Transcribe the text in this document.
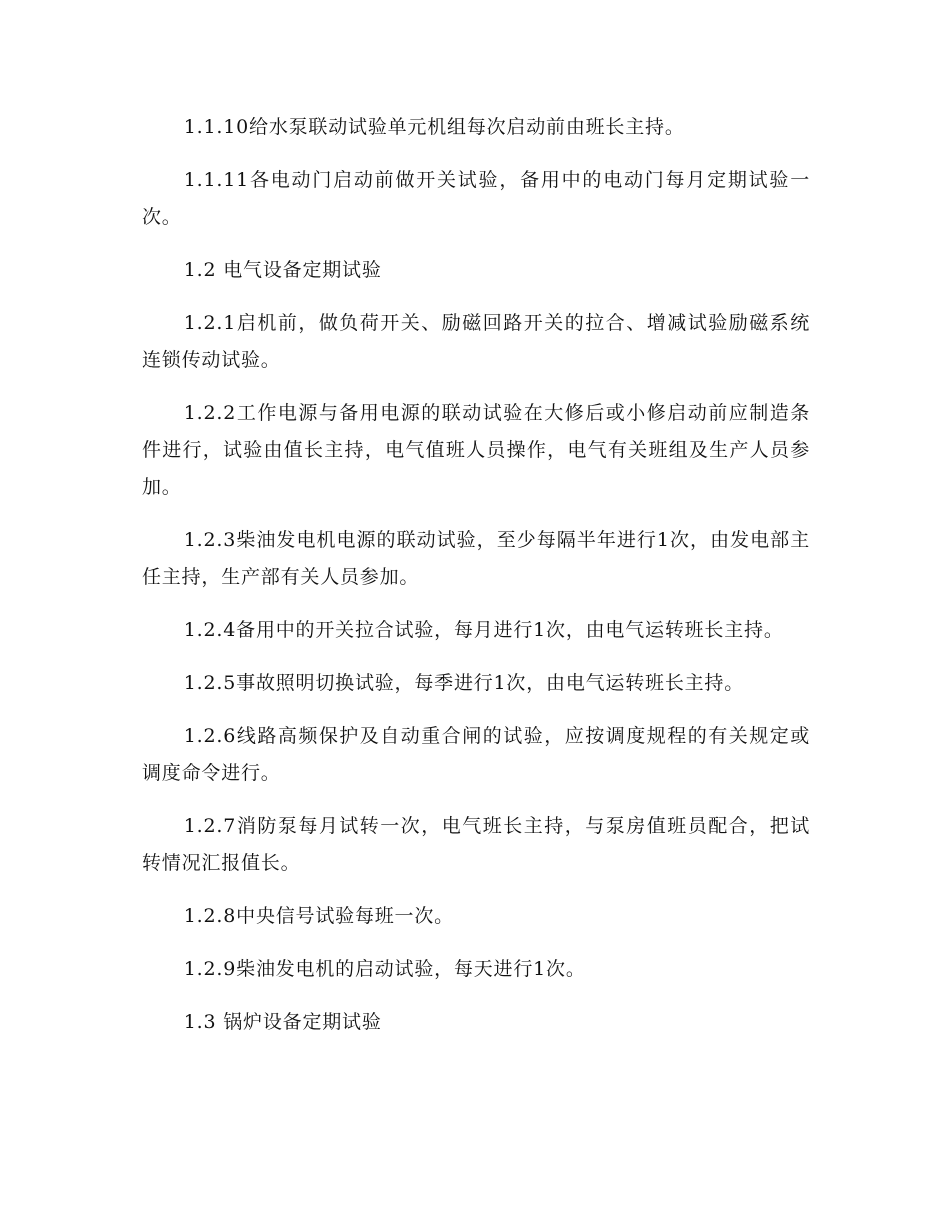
1.1.10给水泵联动试验单元机组每次启动前由班长主持。

1.1.11各电动门启动前做开关试验，备用中的电动门每月定期试验一次。

1.2 电气设备定期试验

1.2.1启机前，做负荷开关、励磁回路开关的拉合、增减试验励磁系统连锁传动试验。

1.2.2工作电源与备用电源的联动试验在大修后或小修启动前应制造条件进行，试验由值长主持，电气值班人员操作，电气有关班组及生产人员参加。

1.2.3柴油发电机电源的联动试验，至少每隔半年进行1次，由发电部主任主持，生产部有关人员参加。

1.2.4备用中的开关拉合试验，每月进行1次，由电气运转班长主持。

1.2.5事故照明切换试验，每季进行1次，由电气运转班长主持。

1.2.6线路高频保护及自动重合闸的试验，应按调度规程的有关规定或调度命令进行。

1.2.7消防泵每月试转一次，电气班长主持，与泵房值班员配合，把试转情况汇报值长。

1.2.8中央信号试验每班一次。

1.2.9柴油发电机的启动试验，每天进行1次。

1.3 锅炉设备定期试验
